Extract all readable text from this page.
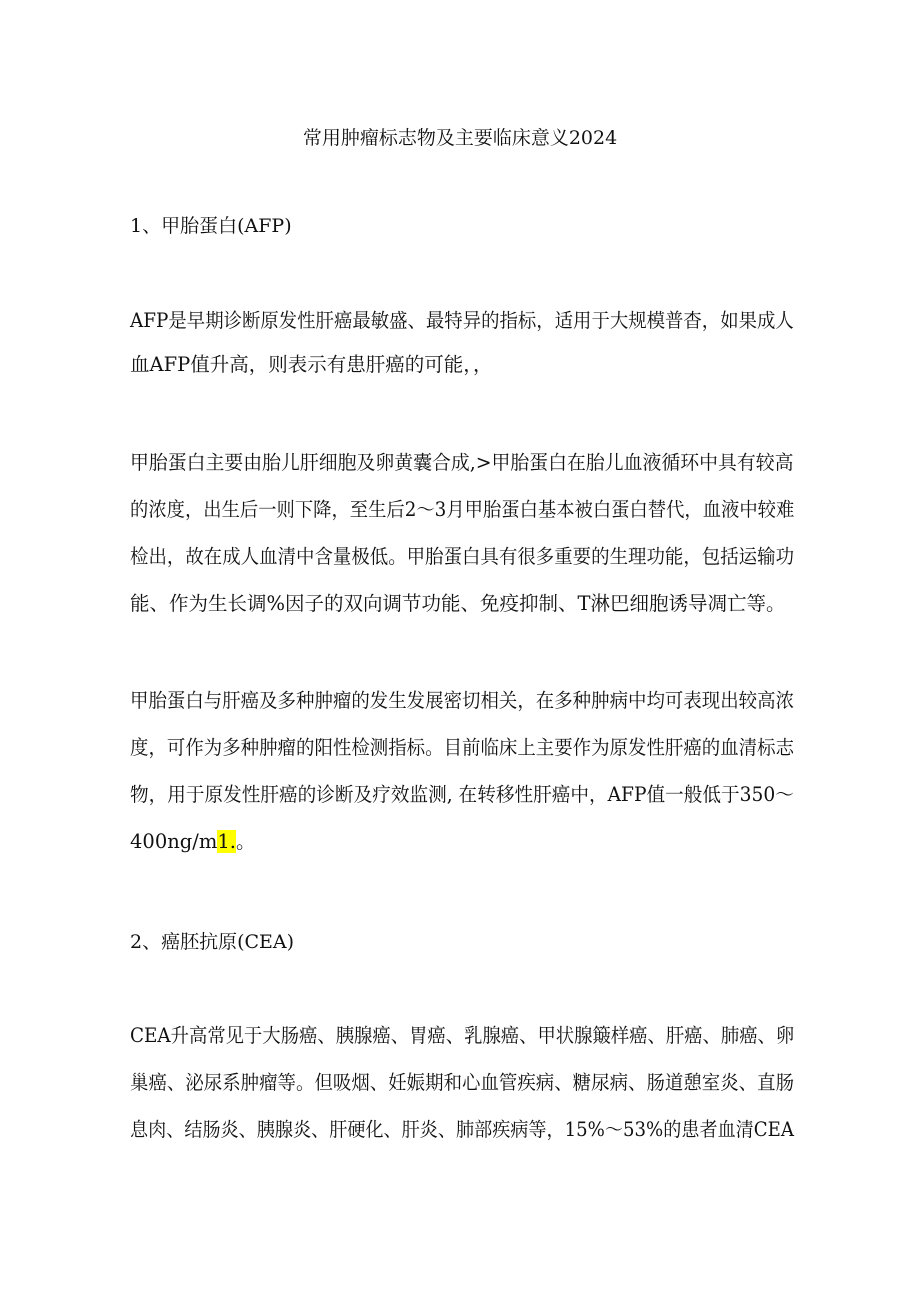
常用肿瘤标志物及主要临床意义2024
1、甲胎蛋白(AFP)
AFP是早期诊断原发性肝癌最敏盛、最特异的指标，适用于大规模普杳，如果成人
血AFP值升高，则表示有患肝癌的可能，，
甲胎蛋白主要由胎儿肝细胞及卵黄囊合成,>甲胎蛋白在胎儿血液循环中具有较高
的浓度，出生后一则下降，至生后2～3月甲胎蛋白基本被白蛋白替代，血液中较难
检出，故在成人血清中含量极低。甲胎蛋白具有很多重要的生理功能，包括运输功
能、作为生长调%因子的双向调节功能、免疫抑制、T淋巴细胞诱导凋亡等。
甲胎蛋白与肝癌及多种肿瘤的发生发展密切相关，在多种肿病中均可表现出较高浓
度，可作为多种肿瘤的阳性检测指标。目前临床上主要作为原发性肝癌的血清标志
物，用于原发性肝癌的诊断及疗效监测, 在转移性肝癌中，AFP值一般低于350～
400ng/m1.。
2、癌胚抗原(CEA)
CEA升高常见于大肠癌、胰腺癌、胃癌、乳腺癌、甲状腺簸样癌、肝癌、肺癌、卵
巢癌、泌尿系肿瘤等。但吸烟、妊娠期和心血管疾病、糖尿病、肠道憩室炎、直肠
息肉、结肠炎、胰腺炎、肝硬化、肝炎、肺部疾病等，15%～53%的患者血清CEA
